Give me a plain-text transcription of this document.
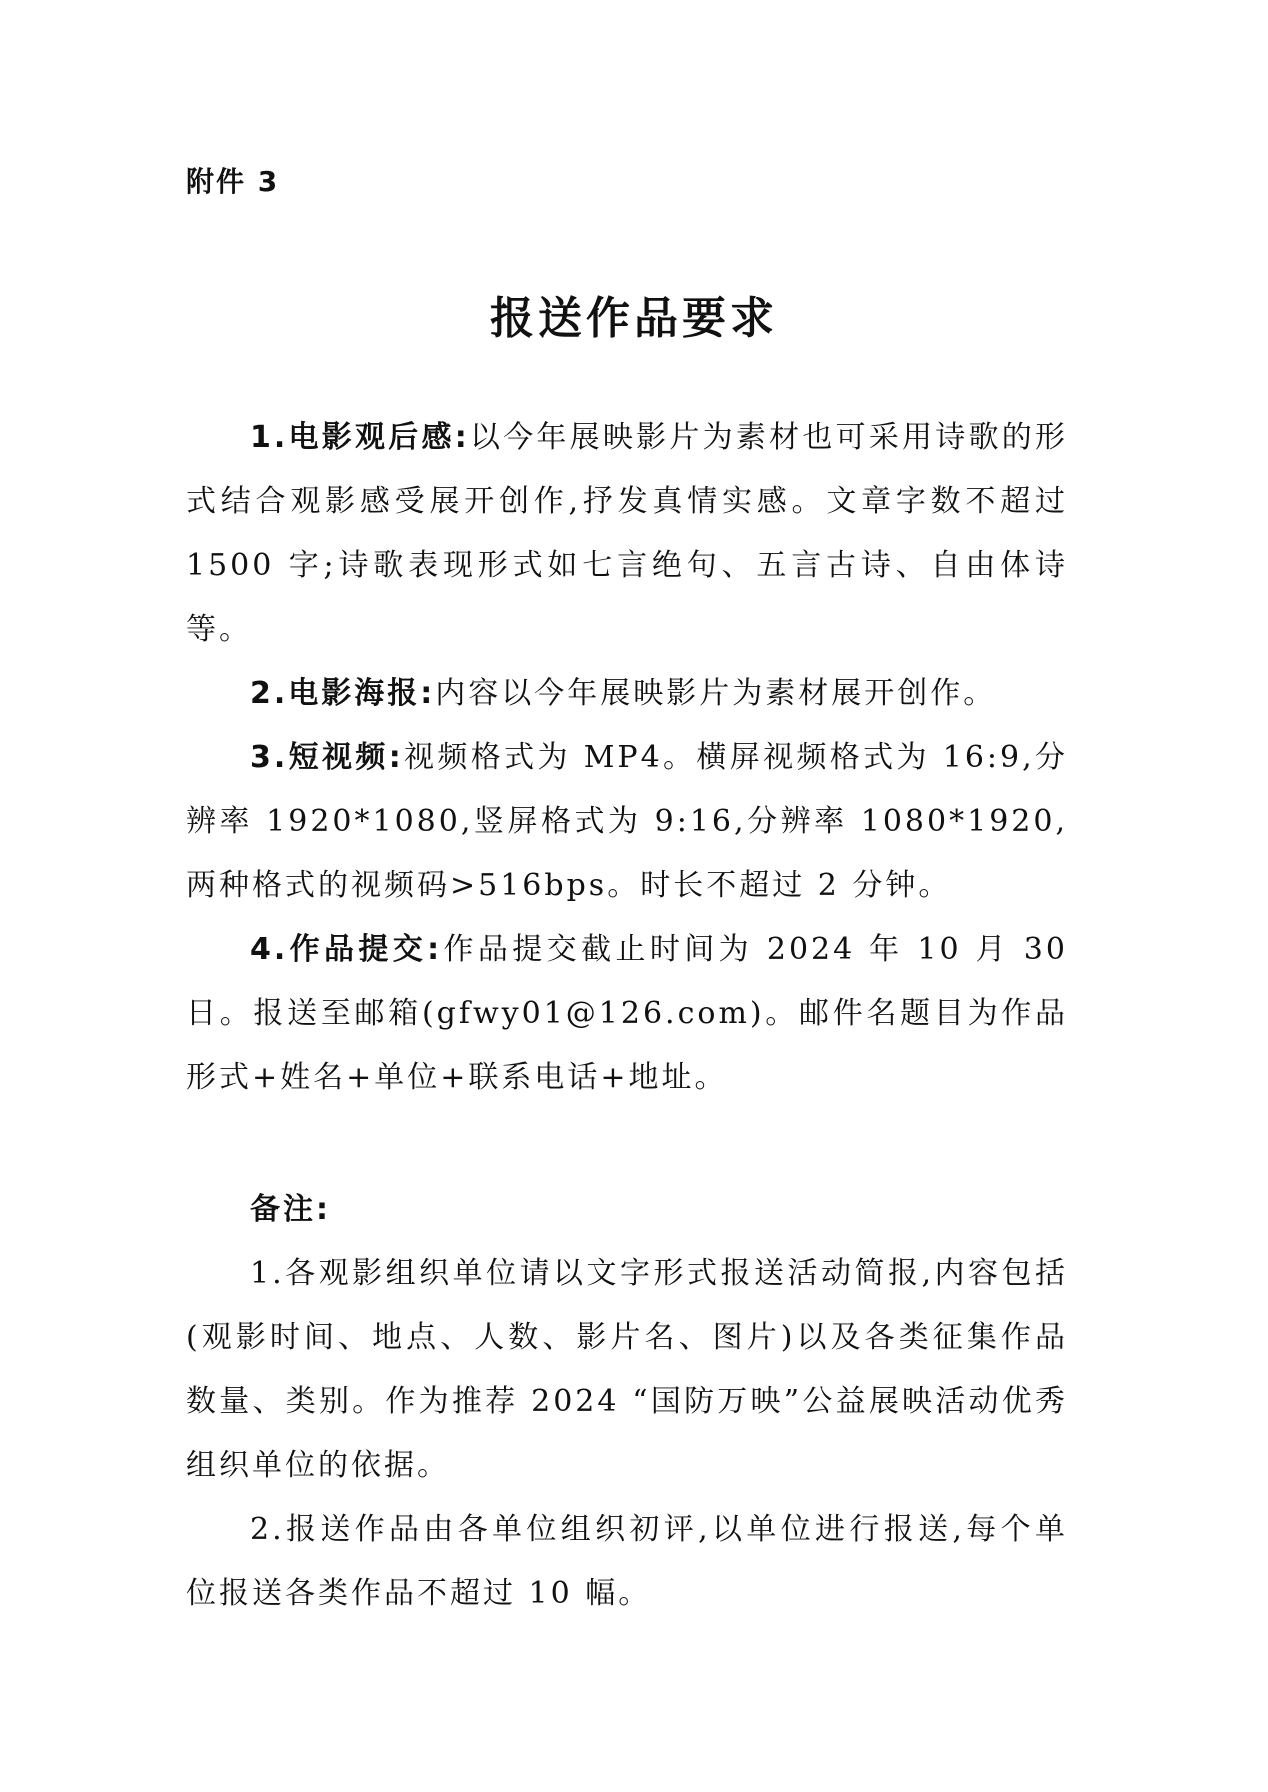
附件 3
报送作品要求

1.电影观后感:以今年展映影片为素材也可采用诗歌的形式结合观影感受展开创作,抒发真情实感。文章字数不超过 1500 字;诗歌表现形式如七言绝句、五言古诗、自由体诗等。

2.电影海报:内容以今年展映影片为素材展开创作。

3.短视频:视频格式为 MP4。横屏视频格式为 16:9,分辨率 1920*1080,竖屏格式为 9:16,分辨率 1080*1920,两种格式的视频码>516bps。时长不超过 2 分钟。

4.作品提交:作品提交截止时间为 2024 年 10 月 30 日。报送至邮箱(gfwy01@126.com)。邮件名题目为作品形式+姓名+单位+联系电话+地址。

备注:

1.各观影组织单位请以文字形式报送活动简报,内容包括(观影时间、地点、人数、影片名、图片)以及各类征集作品数量、类别。作为推荐 2024 “国防万映”公益展映活动优秀组织单位的依据。

2.报送作品由各单位组织初评,以单位进行报送,每个单位报送各类作品不超过 10 幅。
